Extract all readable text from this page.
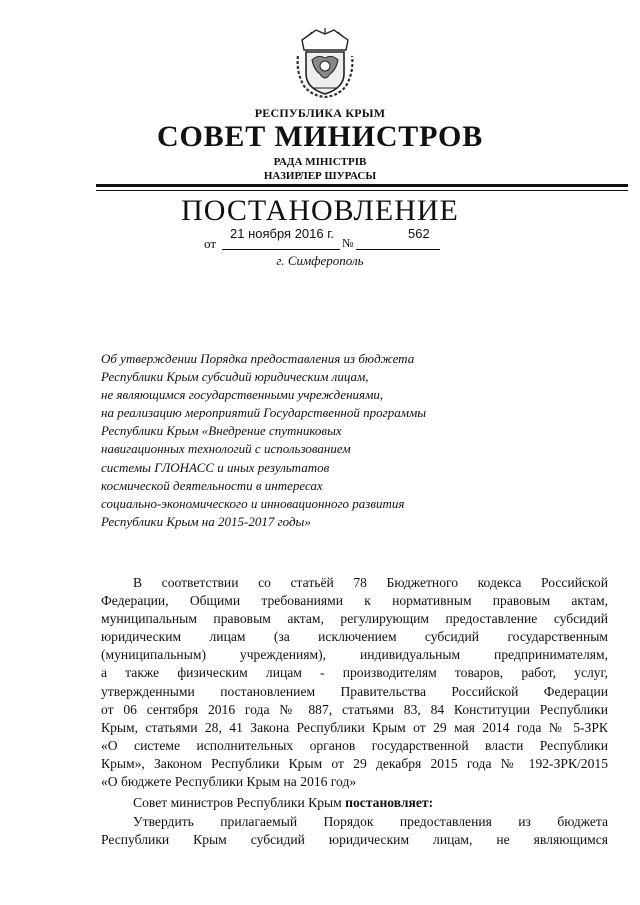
РЕСПУБЛИКА КРЫМ
СОВЕТ МИНИСТРОВ
РАДА МІНІСТРІВ
НАЗИРЛЕР ШУРАСЫ
ПОСТАНОВЛЕНИЕ
от
21 ноября 2016 г.
№
562
г. Симферополь
Об утверждении Порядка предоставления из бюджета
Республики Крым субсидий юридическим лицам,
не являющимся государственными учреждениями,
на реализацию мероприятий Государственной программы
Республики Крым «Внедрение спутниковых
навигационных технологий с использованием
системы ГЛОНАСС и иных результатов
космической деятельности в интересах
социально-экономического и инновационного развития
Республики Крым на 2015-2017 годы»
В соответствии со статьёй 78 Бюджетного кодекса Российской
Федерации, Общими требованиями к нормативным правовым актам,
муниципальным правовым актам, регулирующим предоставление субсидий
юридическим лицам (за исключением субсидий государственным
(муниципальным) учреждениям), индивидуальным предпринимателям,
а также физическим лицам - производителям товаров, работ, услуг,
утвержденными постановлением Правительства Российской Федерации
от 06 сентября 2016 года № 887, статьями 83, 84 Конституции Республики
Крым, статьями 28, 41 Закона Республики Крым от 29 мая 2014 года № 5-ЗРК
«О системе исполнительных органов государственной власти Республики
Крым», Законом Республики Крым от 29 декабря 2015 года № 192-ЗРК/2015
«О бюджете Республики Крым на 2016 год»
Совет министров Республики Крым постановляет:
Утвердить прилагаемый Порядок предоставления из бюджета
Республики Крым субсидий юридическим лицам, не являющимся
